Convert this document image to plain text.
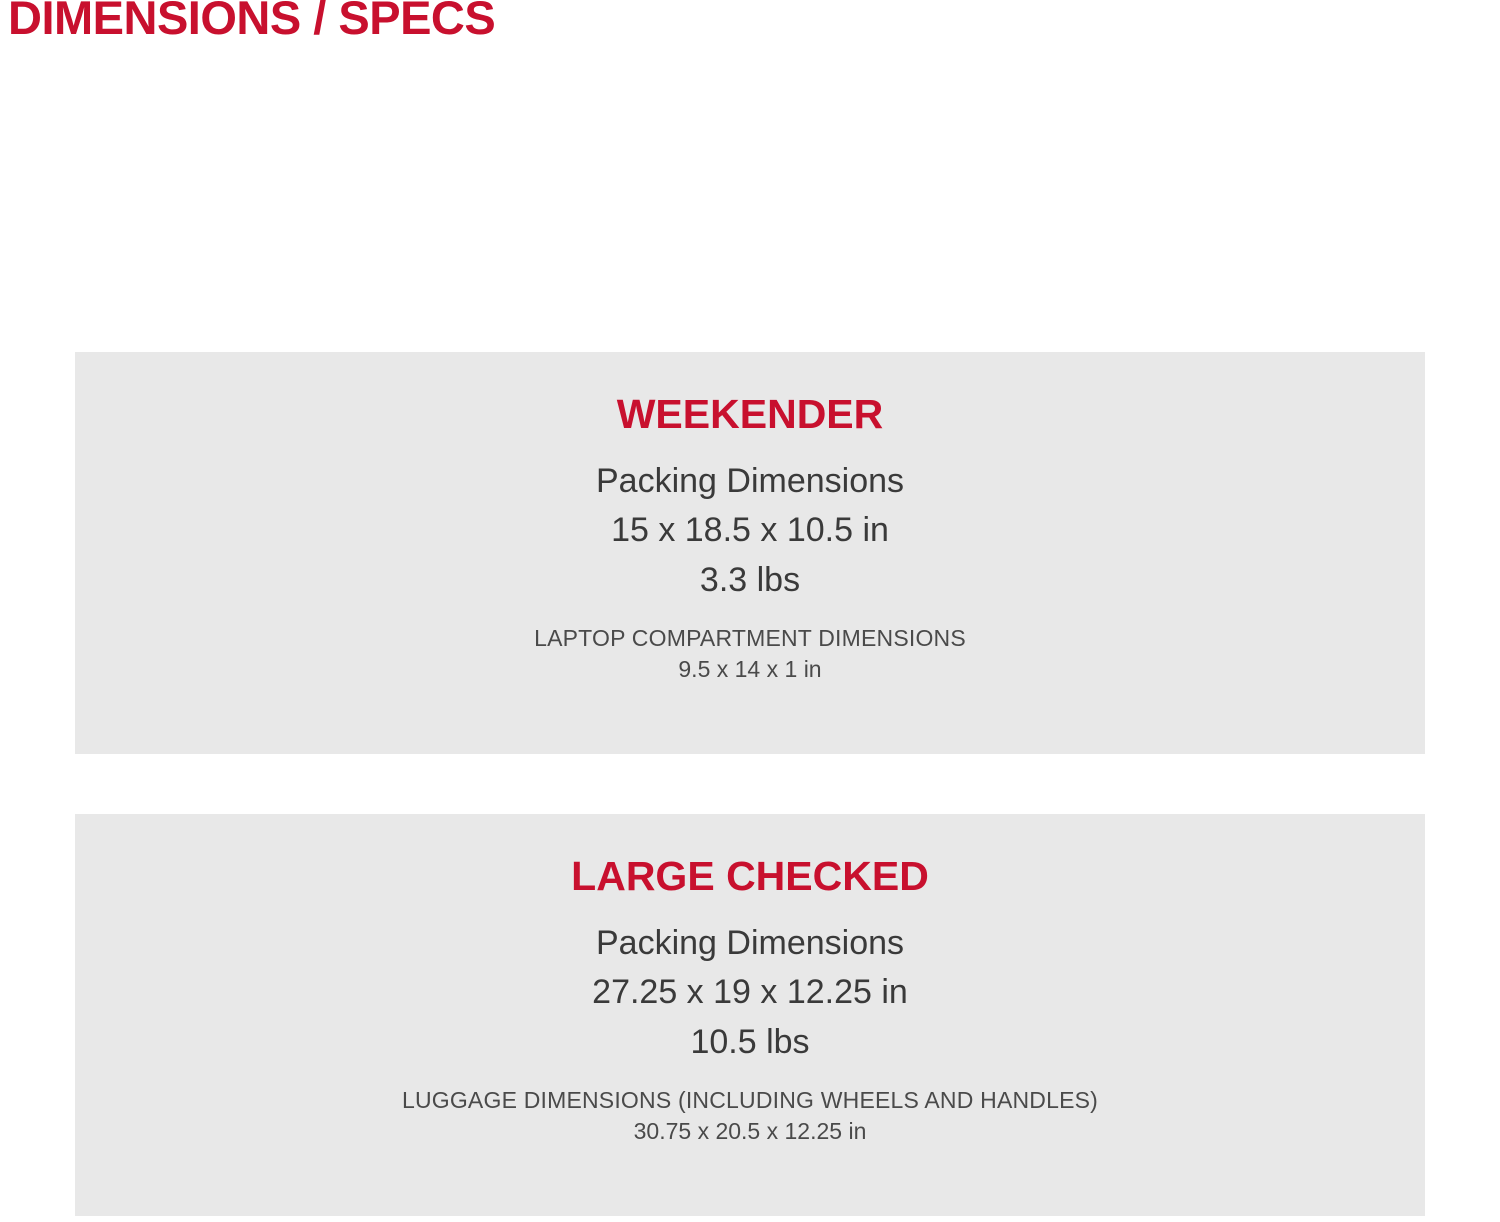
DIMENSIONS / SPECS
WEEKENDER
Packing Dimensions
15 x 18.5 x 10.5 in
3.3 lbs
LAPTOP COMPARTMENT DIMENSIONS
9.5 x 14 x 1 in
LARGE CHECKED
Packing Dimensions
27.25 x 19 x 12.25 in
10.5 lbs
LUGGAGE DIMENSIONS (INCLUDING WHEELS AND HANDLES)
30.75 x 20.5 x 12.25 in
